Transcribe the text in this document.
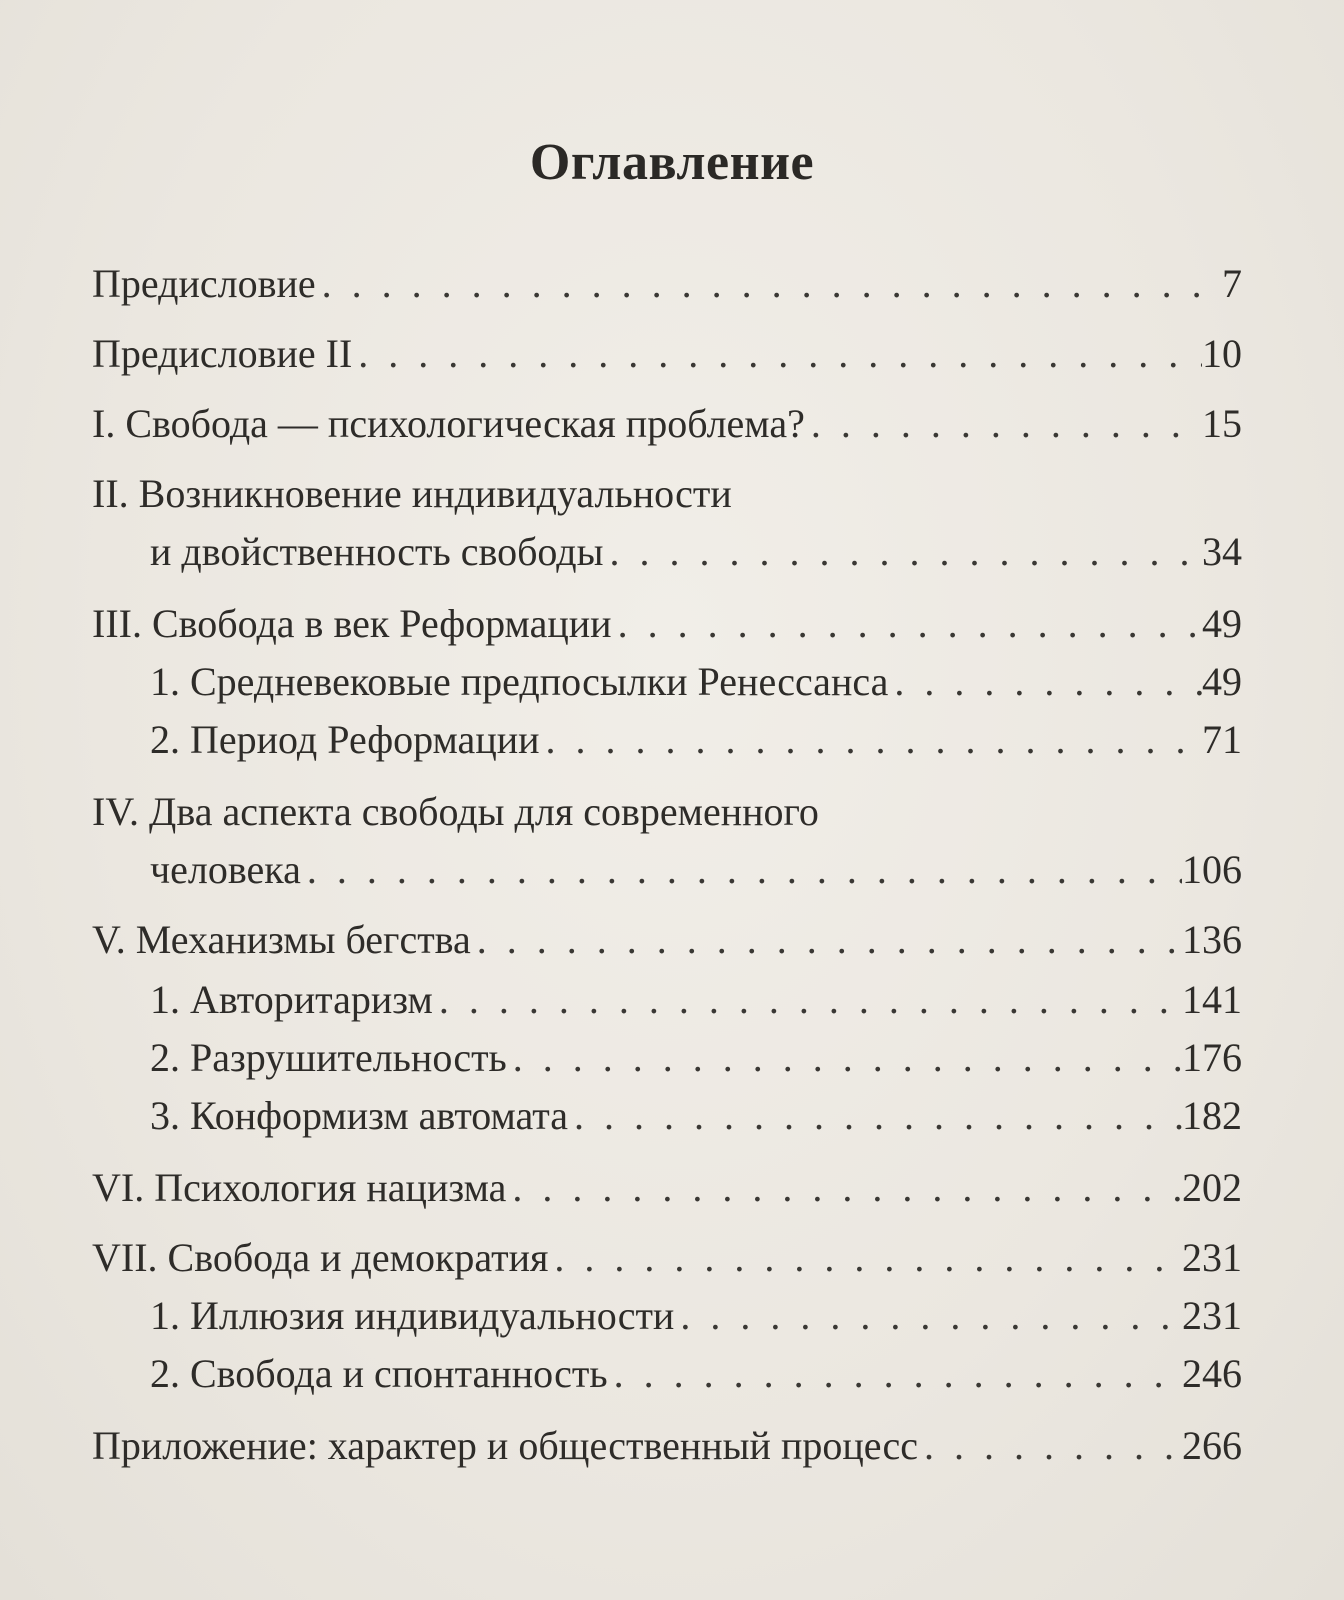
Оглавление
Предисловие . . .	7
Предисловие II . . .	10
I. Свобода — психологическая проблема? . . .	15
II. Возникновение индивидуальности
и двойственность свободы . . .	34
III. Свобода в век Реформации . . .	49
1. Средневековые предпосылки Ренессанса . . .	49
2. Период Реформации . . .	71
IV. Два аспекта свободы для современного
человека . . .	106
V. Механизмы бегства . . .	136
1. Авторитаризм . . .	141
2. Разрушительность . . .	176
3. Конформизм автомата . . .	182
VI. Психология нацизма . . .	202
VII. Свобода и демократия . . .	231
1. Иллюзия индивидуальности . . .	231
2. Свобода и спонтанность . . .	246
Приложение: характер и общественный процесс . . .	266
